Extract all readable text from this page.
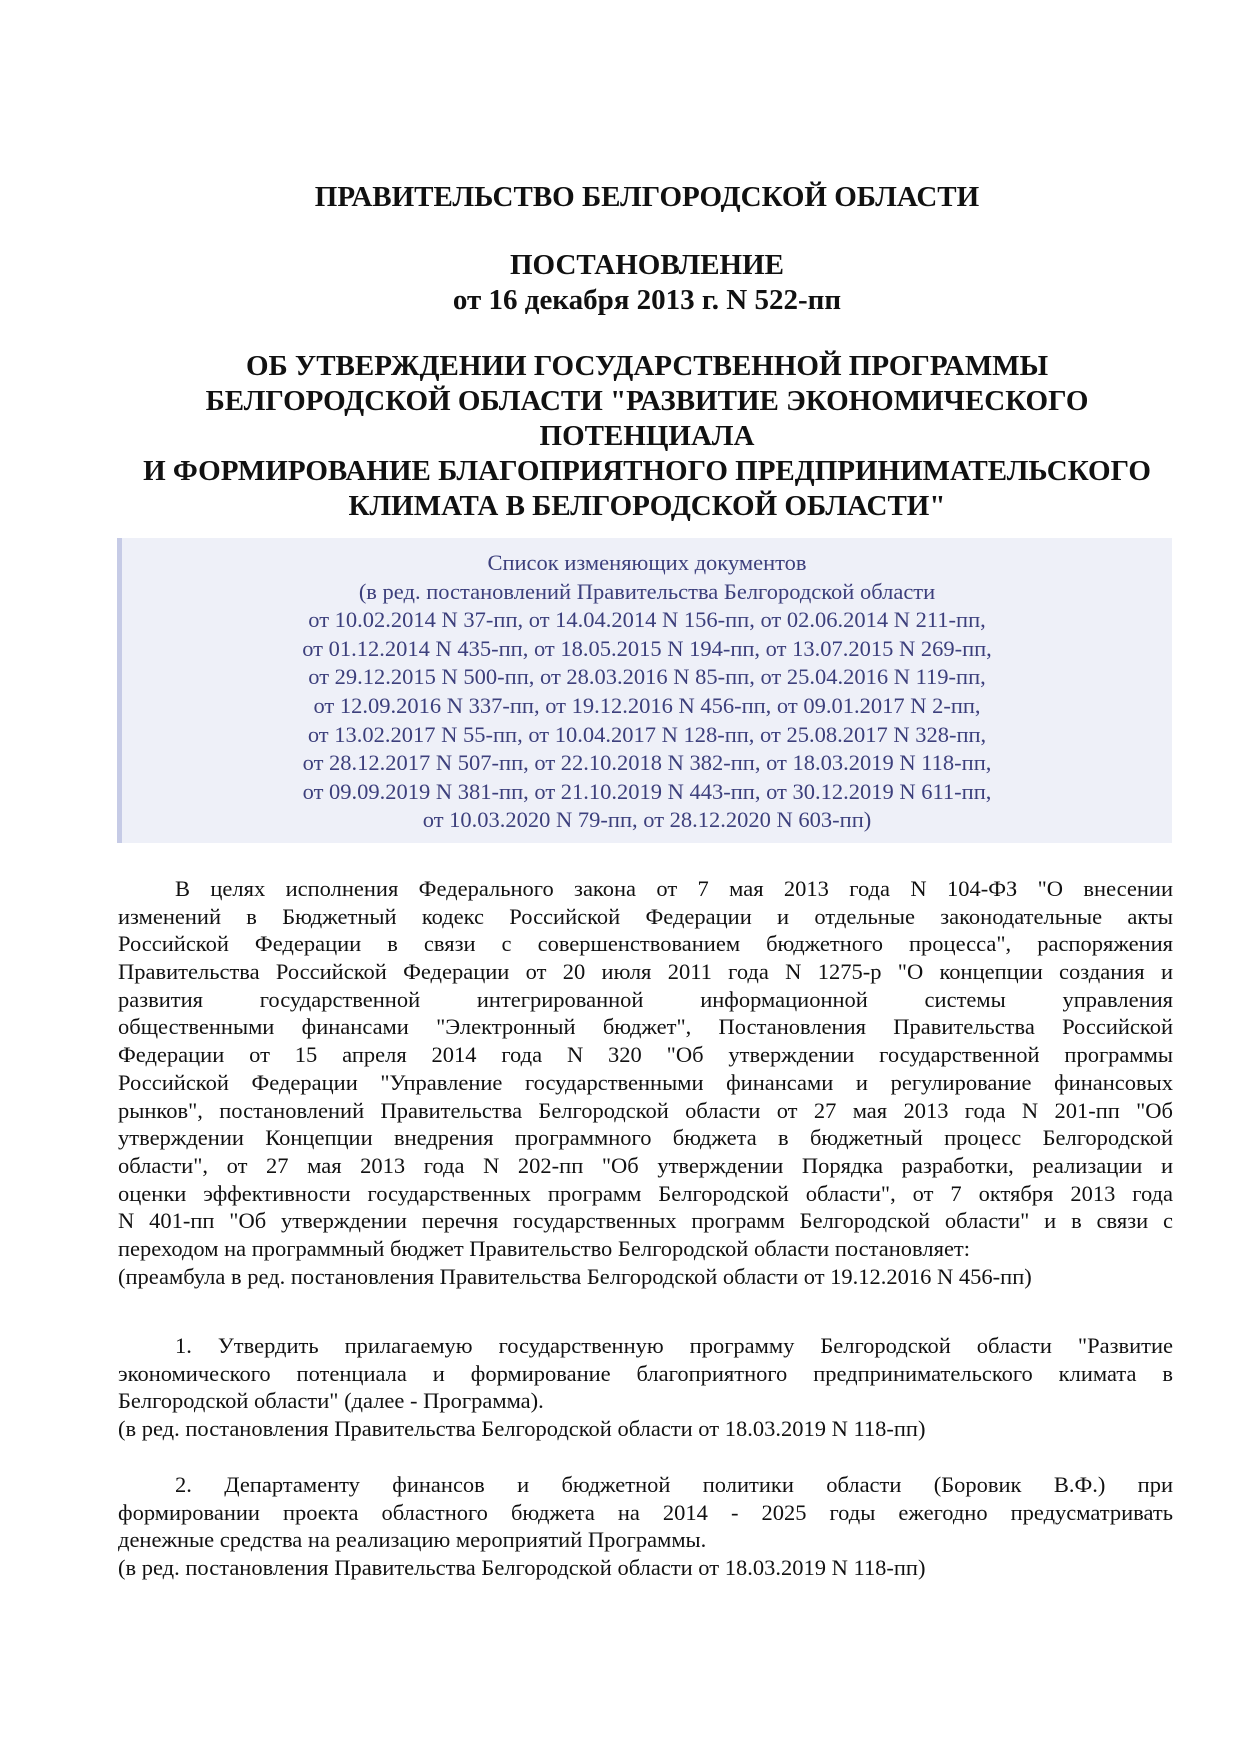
ПРАВИТЕЛЬСТВО БЕЛГОРОДСКОЙ ОБЛАСТИ

ПОСТАНОВЛЕНИЕ
от 16 декабря 2013 г. N 522-пп
ОБ УТВЕРЖДЕНИИ ГОСУДАРСТВЕННОЙ ПРОГРАММЫ
БЕЛГОРОДСКОЙ ОБЛАСТИ "РАЗВИТИЕ ЭКОНОМИЧЕСКОГО
ПОТЕНЦИАЛА
И ФОРМИРОВАНИЕ БЛАГОПРИЯТНОГО ПРЕДПРИНИМАТЕЛЬСКОГО
КЛИМАТА В БЕЛГОРОДСКОЙ ОБЛАСТИ"
Список изменяющих документов
(в ред. постановлений Правительства Белгородской области
от 10.02.2014 N 37-пп, от 14.04.2014 N 156-пп, от 02.06.2014 N 211-пп,
от 01.12.2014 N 435-пп, от 18.05.2015 N 194-пп, от 13.07.2015 N 269-пп,
от 29.12.2015 N 500-пп, от 28.03.2016 N 85-пп, от 25.04.2016 N 119-пп,
от 12.09.2016 N 337-пп, от 19.12.2016 N 456-пп, от 09.01.2017 N 2-пп,
от 13.02.2017 N 55-пп, от 10.04.2017 N 128-пп, от 25.08.2017 N 328-пп,
от 28.12.2017 N 507-пп, от 22.10.2018 N 382-пп, от 18.03.2019 N 118-пп,
от 09.09.2019 N 381-пп, от 21.10.2019 N 443-пп, от 30.12.2019 N 611-пп,
от 10.03.2020 N 79-пп, от 28.12.2020 N 603-пп)
В целях исполнения Федерального закона от 7 мая 2013 года N 104-ФЗ "О внесении
изменений в Бюджетный кодекс Российской Федерации и отдельные законодательные акты
Российской Федерации в связи с совершенствованием бюджетного процесса", распоряжения
Правительства Российской Федерации от 20 июля 2011 года N 1275-р "О концепции создания и
развития государственной интегрированной информационной системы управления
общественными финансами "Электронный бюджет", Постановления Правительства Российской
Федерации от 15 апреля 2014 года N 320 "Об утверждении государственной программы
Российской Федерации "Управление государственными финансами и регулирование финансовых
рынков", постановлений Правительства Белгородской области от 27 мая 2013 года N 201-пп "Об
утверждении Концепции внедрения программного бюджета в бюджетный процесс Белгородской
области", от 27 мая 2013 года N 202-пп "Об утверждении Порядка разработки, реализации и
оценки эффективности государственных программ Белгородской области", от 7 октября 2013 года
N 401-пп "Об утверждении перечня государственных программ Белгородской области" и в связи с
переходом на программный бюджет Правительство Белгородской области постановляет:
(преамбула в ред. постановления Правительства Белгородской области от 19.12.2016 N 456-пп)
1. Утвердить прилагаемую государственную программу Белгородской области "Развитие
экономического потенциала и формирование благоприятного предпринимательского климата в
Белгородской области" (далее - Программа).
(в ред. постановления Правительства Белгородской области от 18.03.2019 N 118-пп)
2. Департаменту финансов и бюджетной политики области (Боровик В.Ф.) при
формировании проекта областного бюджета на 2014 - 2025 годы ежегодно предусматривать
денежные средства на реализацию мероприятий Программы.
(в ред. постановления Правительства Белгородской области от 18.03.2019 N 118-пп)
